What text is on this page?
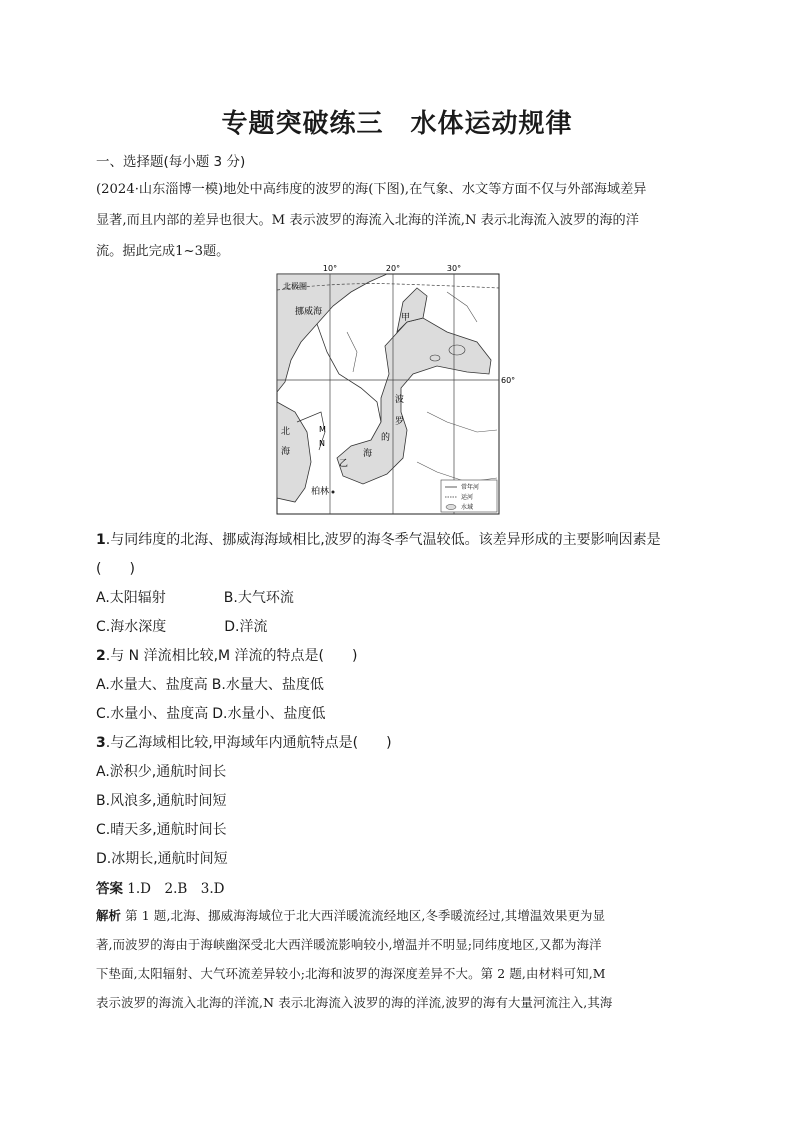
专题突破练三　水体运动规律
一、选择题(每小题 3 分)
(2024·山东淄博一模)地处中高纬度的波罗的海(下图),在气象、水文等方面不仅与外部海域差异
显著,而且内部的差异也很大。M 表示波罗的海流入北海的洋流,N 表示北海流入波罗的海的洋
流。据此完成1~3题。
10°	20°	30°
60°
北极圈
挪威海
甲
波
罗
的
海
北
海
M
N
乙
柏林	常年河
运河
水域
1.与同纬度的北海、挪威海海域相比,波罗的海冬季气温较低。该差异形成的主要影响因素是
(　　)
A.太阳辐射	B.大气环流
C.海水深度	D.洋流
2.与 N 洋流相比较,M 洋流的特点是(　　)
A.水量大、盐度高 B.水量大、盐度低
C.水量小、盐度高 D.水量小、盐度低
3.与乙海域相比较,甲海域年内通航特点是(　　)
A.淤积少,通航时间长
B.风浪多,通航时间短
C.晴天多,通航时间长
D.冰期长,通航时间短
答案 1.D　2.B　3.D
解析 第 1 题,北海、挪威海海域位于北大西洋暖流流经地区,冬季暖流经过,其增温效果更为显
著,而波罗的海由于海峡幽深受北大西洋暖流影响较小,增温并不明显;同纬度地区,又都为海洋
下垫面,太阳辐射、大气环流差异较小;北海和波罗的海深度差异不大。第 2 题,由材料可知,M
表示波罗的海流入北海的洋流,N 表示北海流入波罗的海的洋流,波罗的海有大量河流注入,其海
